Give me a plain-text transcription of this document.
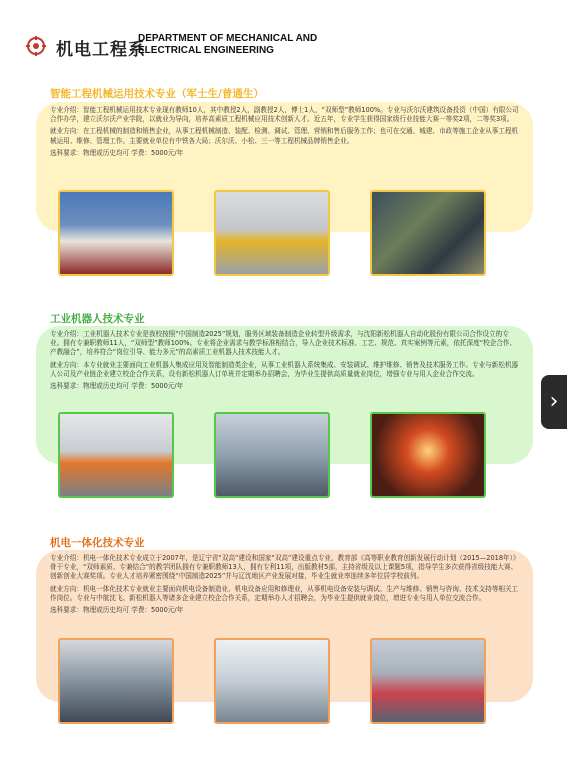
机电工程系
DEPARTMENT OF MECHANICAL AND
ELECTRICAL ENGINEERING
智能工程机械运用技术专业（军士生/普通生）
专业介绍：智能工程机械运用技术专业现有教师10人，其中教授2人，副教授2人，博士1人，“双师型”教师100%。专业与沃尔沃建筑设备投资（中国）有限公司合作办学，建立沃尔沃产业学院，以就业为导向，培养高素质工程机械应用技术创新人才。近五年，专业学生获得国家级行业技能大赛一等奖2项，二等奖3项。
就业方向：在工程机械的制造和销售企业，从事工程机械制造、装配、检测、调试、管理、营销和售后服务工作；也可在交通、城建、市政等施工企业从事工程机械运用、维修、管理工作。主要就业单位有中铁各大局；沃尔沃、小松、三一等工程机械品牌销售企业。
选科要求：物理或历史均可 学费：5000元/年
工业机器人技术专业
专业介绍：工业机器人技术专业是我校按照“中国制造2025”规划，服务区域装备制造企业转型升级需求，与沈阳新松机器人自动化股份有限公司合作设立的专业。拥有专兼职教师11人，“双师型”教师100%。专业将企业需求与教学标准相结合，导入企业技术标准、工艺、规范、真实案例等元素，依托深度“校企合作、产教融合”，培养符合“岗位引导、能力多元”的高素质工业机器人技术技能人才。
就业方向：本专业就业主要面向工业机器人集成应用及智能制造类企业，从事工业机器人系统集成、安装调试、维护维修、销售及技术服务工作。专业与新松机器人公司及产业链企业建立校企合作关系，设有新松机器人订单班并定期举办招聘会，为毕业生提供高质量就业岗位，增强专业与用人企业合作交流。
选科要求：物理或历史均可 学费：5000元/年
机电一体化技术专业
专业介绍：机电一体化技术专业成立于2007年，是辽宁省“双高”建设和国家“双高”建设重点专业，教育部《高等职业教育创新发展行动计划（2015—2018年）》骨干专业，“双师素质、专兼结合”的教学团队拥有专兼职教师13人，拥有专利11项，出版教材5部，主持省级及以上课题5项，指导学生多次获得省级技能大赛、创新创业大赛奖项。专业人才培养紧密围绕“中国制造2025”并与辽沈地区产业发展对接，毕业生就业率连续多年位居学校前列。
就业方向：机电一体化技术专业就业主要面向机电设备制造业、机电设备应用和修理业，从事机电设备安装与调试、生产与维修、销售与咨询、技术支持等相关工作岗位。专业与中航沈飞、新松机器人等诸多企业建立校企合作关系，定期举办人才招聘会，为毕业生提供就业岗位，增进专业与用人单位交流合作。
选科要求：物理或历史均可 学费：5000元/年
›
